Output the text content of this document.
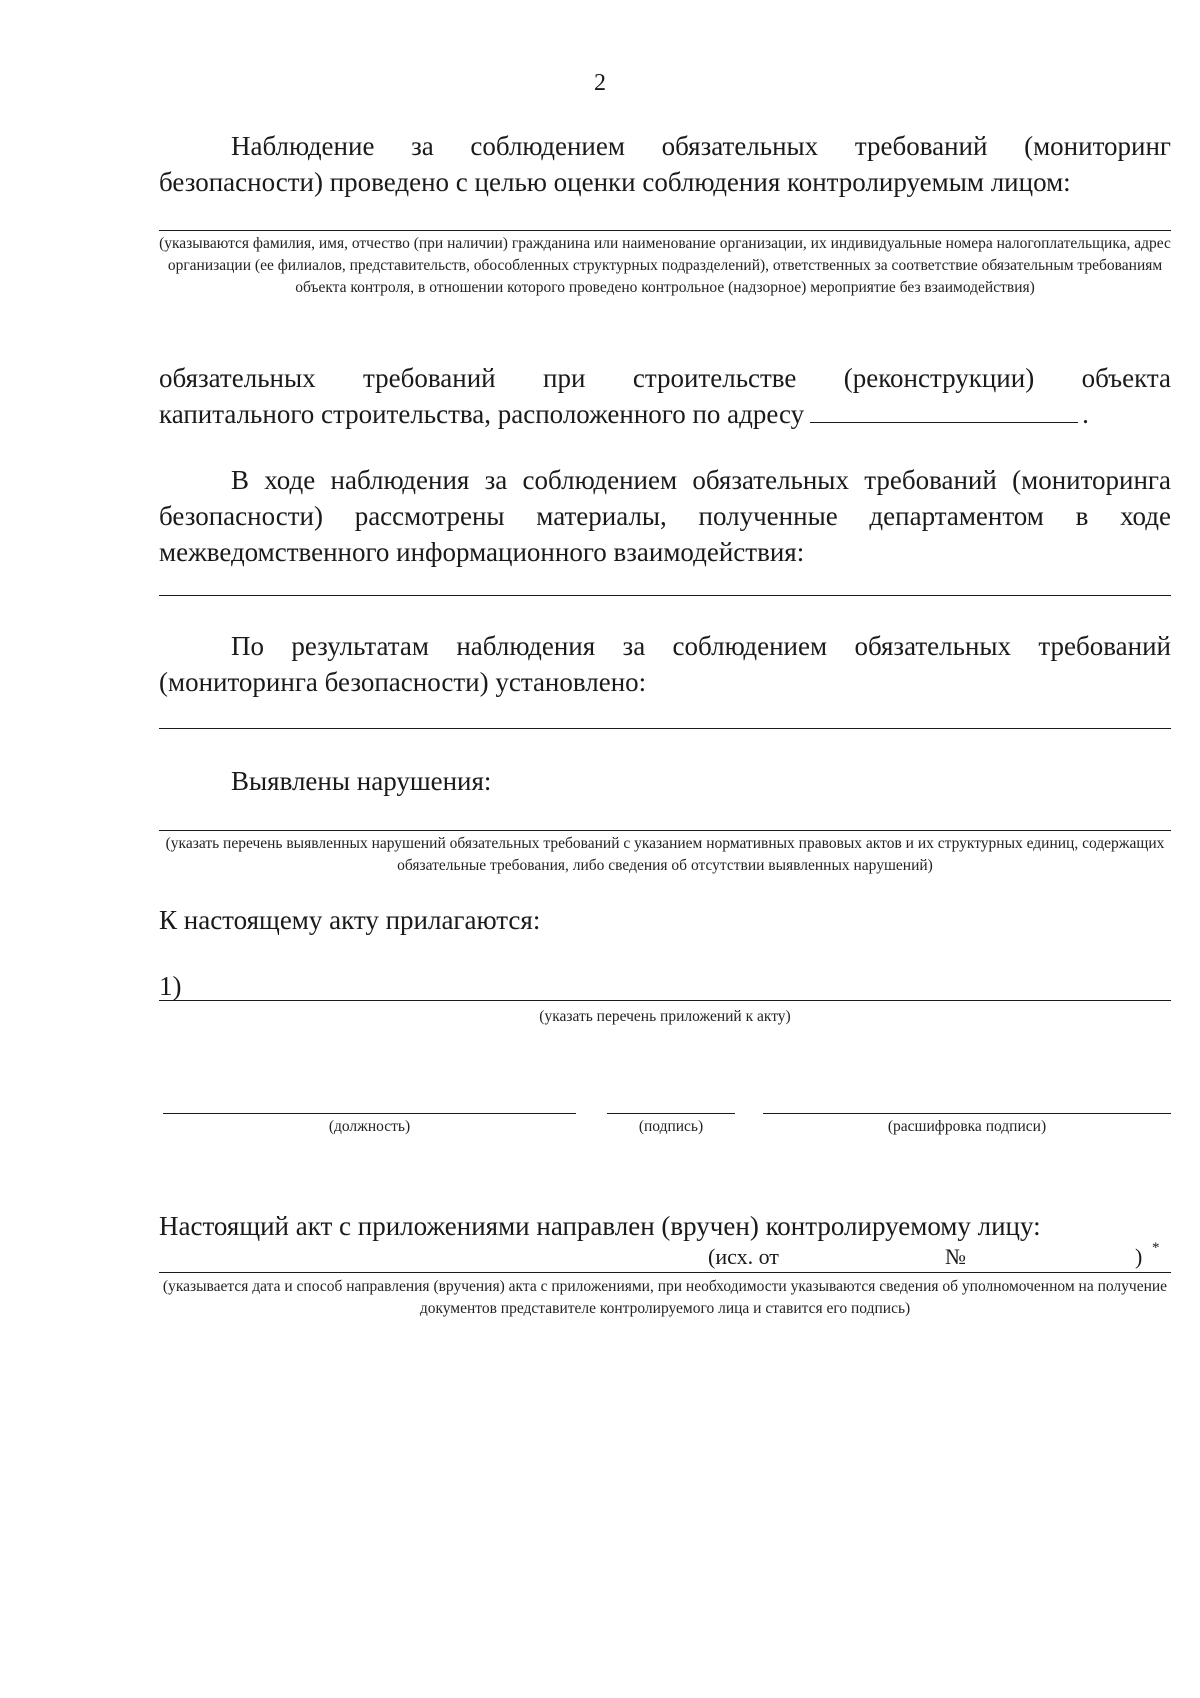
2
Наблюдение за соблюдением обязательных требований (мониторинг безопасности) проведено с целью оценки соблюдения контролируемым лицом:
(указываются фамилия, имя, отчество (при наличии) гражданина или наименование организации, их индивидуальные номера налогоплательщика, адрес организации (ее филиалов, представительств, обособленных структурных подразделений), ответственных за соответствие обязательным требованиям объекта контроля, в отношении которого проведено контрольное (надзорное) мероприятие без взаимодействия)
обязательных требований при строительстве (реконструкции) объекта
капитального строительства, расположенного по адресу	.
В ходе наблюдения за соблюдением обязательных требований (мониторинга безопасности) рассмотрены материалы, полученные департаментом в ходе межведомственного информационного взаимодействия:
По результатам наблюдения за соблюдением обязательных требований (мониторинга безопасности) установлено:
Выявлены нарушения:
(указать перечень выявленных нарушений обязательных требований с указанием нормативных правовых актов и их структурных единиц, содержащих обязательные требования, либо сведения об отсутствии выявленных нарушений)
К настоящему акту прилагаются:
1)
(указать перечень приложений к акту)
(должность)	(подпись)	(расшифровка подписи)
Настоящий акт с приложениями направлен (вручен) контролируемому лицу:
(исх. от	№	) *
(указывается дата и способ направления (вручения) акта с приложениями, при необходимости указываются сведения об уполномоченном на получение документов представителе контролируемого лица и ставится его подпись)
